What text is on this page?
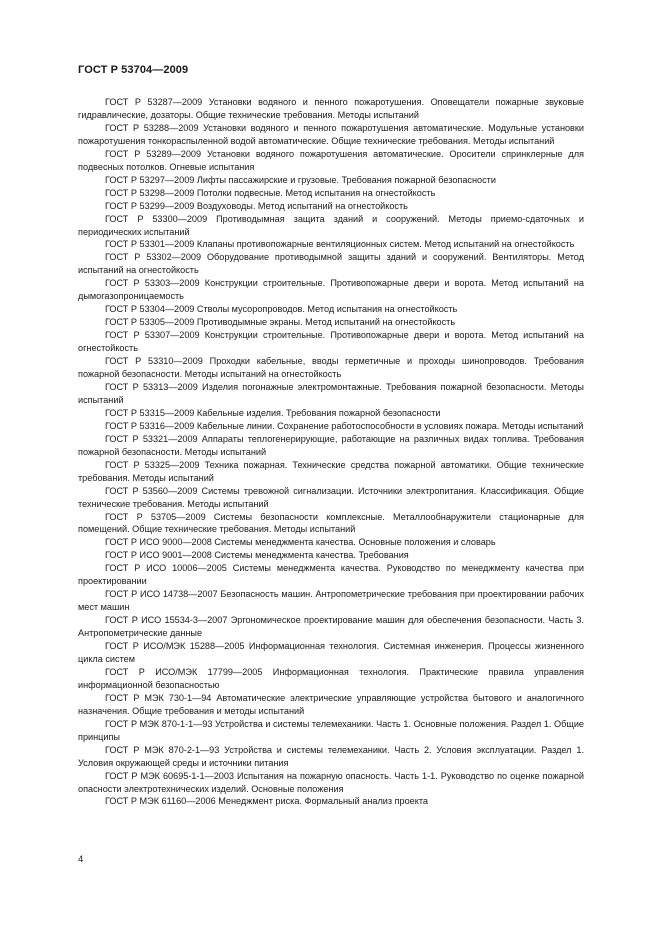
ГОСТ Р 53704—2009

ГОСТ Р 53287—2009 Установки водяного и пенного пожаротушения. Оповещатели пожарные звуковые гидравлические, дозаторы. Общие технические требования. Методы испытаний

ГОСТ Р 53288—2009 Установки водяного и пенного пожаротушения автоматические. Модульные установки пожаротушения тонкораспыленной водой автоматические. Общие технические требования. Методы испытаний

ГОСТ Р 53289—2009 Установки водяного пожаротушения автоматические. Оросители спринклерные для подвесных потолков. Огневые испытания

ГОСТ Р 53297—2009 Лифты пассажирские и грузовые. Требования пожарной безопасности

ГОСТ Р 53298—2009 Потолки подвесные. Метод испытания на огнестойкость

ГОСТ Р 53299—2009 Воздуховоды. Метод испытаний на огнестойкость

ГОСТ Р 53300—2009 Противодымная защита зданий и сооружений. Методы приемо-сдаточных и периодических испытаний

ГОСТ Р 53301—2009 Клапаны противопожарные вентиляционных систем. Метод испытаний на огнестойкость

ГОСТ Р 53302—2009 Оборудование противодымной защиты зданий и сооружений. Вентиляторы. Метод испытаний на огнестойкость

ГОСТ Р 53303—2009 Конструкции строительные. Противопожарные двери и ворота. Метод испытаний на дымогазопроницаемость

ГОСТ Р 53304—2009 Стволы мусоропроводов. Метод испытания на огнестойкость

ГОСТ Р 53305—2009 Противодымные экраны. Метод испытаний на огнестойкость

ГОСТ Р 53307—2009 Конструкции строительные. Противопожарные двери и ворота. Метод испытаний на огнестойкость

ГОСТ Р 53310—2009 Проходки кабельные, вводы герметичные и проходы шинопроводов. Требования пожарной безопасности. Методы испытаний на огнестойкость

ГОСТ Р 53313—2009 Изделия погонажные электромонтажные. Требования пожарной безопасности. Методы испытаний

ГОСТ Р 53315—2009 Кабельные изделия. Требования пожарной безопасности

ГОСТ Р 53316—2009 Кабельные линии. Сохранение работоспособности в условиях пожара. Методы испытаний

ГОСТ Р 53321—2009 Аппараты теплогенерирующие, работающие на различных видах топлива. Требования пожарной безопасности. Методы испытаний

ГОСТ Р 53325—2009 Техника пожарная. Технические средства пожарной автоматики. Общие технические требования. Методы испытаний

ГОСТ Р 53560—2009 Системы тревожной сигнализации. Источники электропитания. Классификация. Общие технические требования. Методы испытаний

ГОСТ Р 53705—2009 Системы безопасности комплексные. Металлообнаружители стационарные для помещений. Общие технические требования. Методы испытаний

ГОСТ Р ИСО 9000—2008 Системы менеджмента качества. Основные положения и словарь

ГОСТ Р ИСО 9001—2008 Системы менеджмента качества. Требования

ГОСТ Р ИСО 10006—2005 Системы менеджмента качества. Руководство по менеджменту качества при проектировании

ГОСТ Р ИСО 14738—2007 Безопасность машин. Антропометрические требования при проектировании рабочих мест машин

ГОСТ Р ИСО 15534-3—2007 Эргономическое проектирование машин для обеспечения безопасности. Часть 3. Антропометрические данные

ГОСТ Р ИСО/МЭК 15288—2005 Информационная технология. Системная инженерия. Процессы жизненного цикла систем

ГОСТ Р ИСО/МЭК 17799—2005 Информационная технология. Практические правила управления информационной безопасностью

ГОСТ Р МЭК 730-1—94 Автоматические электрические управляющие устройства бытового и аналогичного назначения. Общие требования и методы испытаний

ГОСТ Р МЭК 870-1-1—93 Устройства и системы телемеханики. Часть 1. Основные положения. Раздел 1. Общие принципы

ГОСТ Р МЭК 870-2-1—93 Устройства и системы телемеханики. Часть 2. Условия эксплуатации. Раздел 1. Условия окружающей среды и источники питания

ГОСТ Р МЭК 60695-1-1—2003 Испытания на пожарную опасность. Часть 1-1. Руководство по оценке пожарной опасности электротехнических изделий. Основные положения

ГОСТ Р МЭК 61160—2006 Менеджмент риска. Формальный анализ проекта

4
